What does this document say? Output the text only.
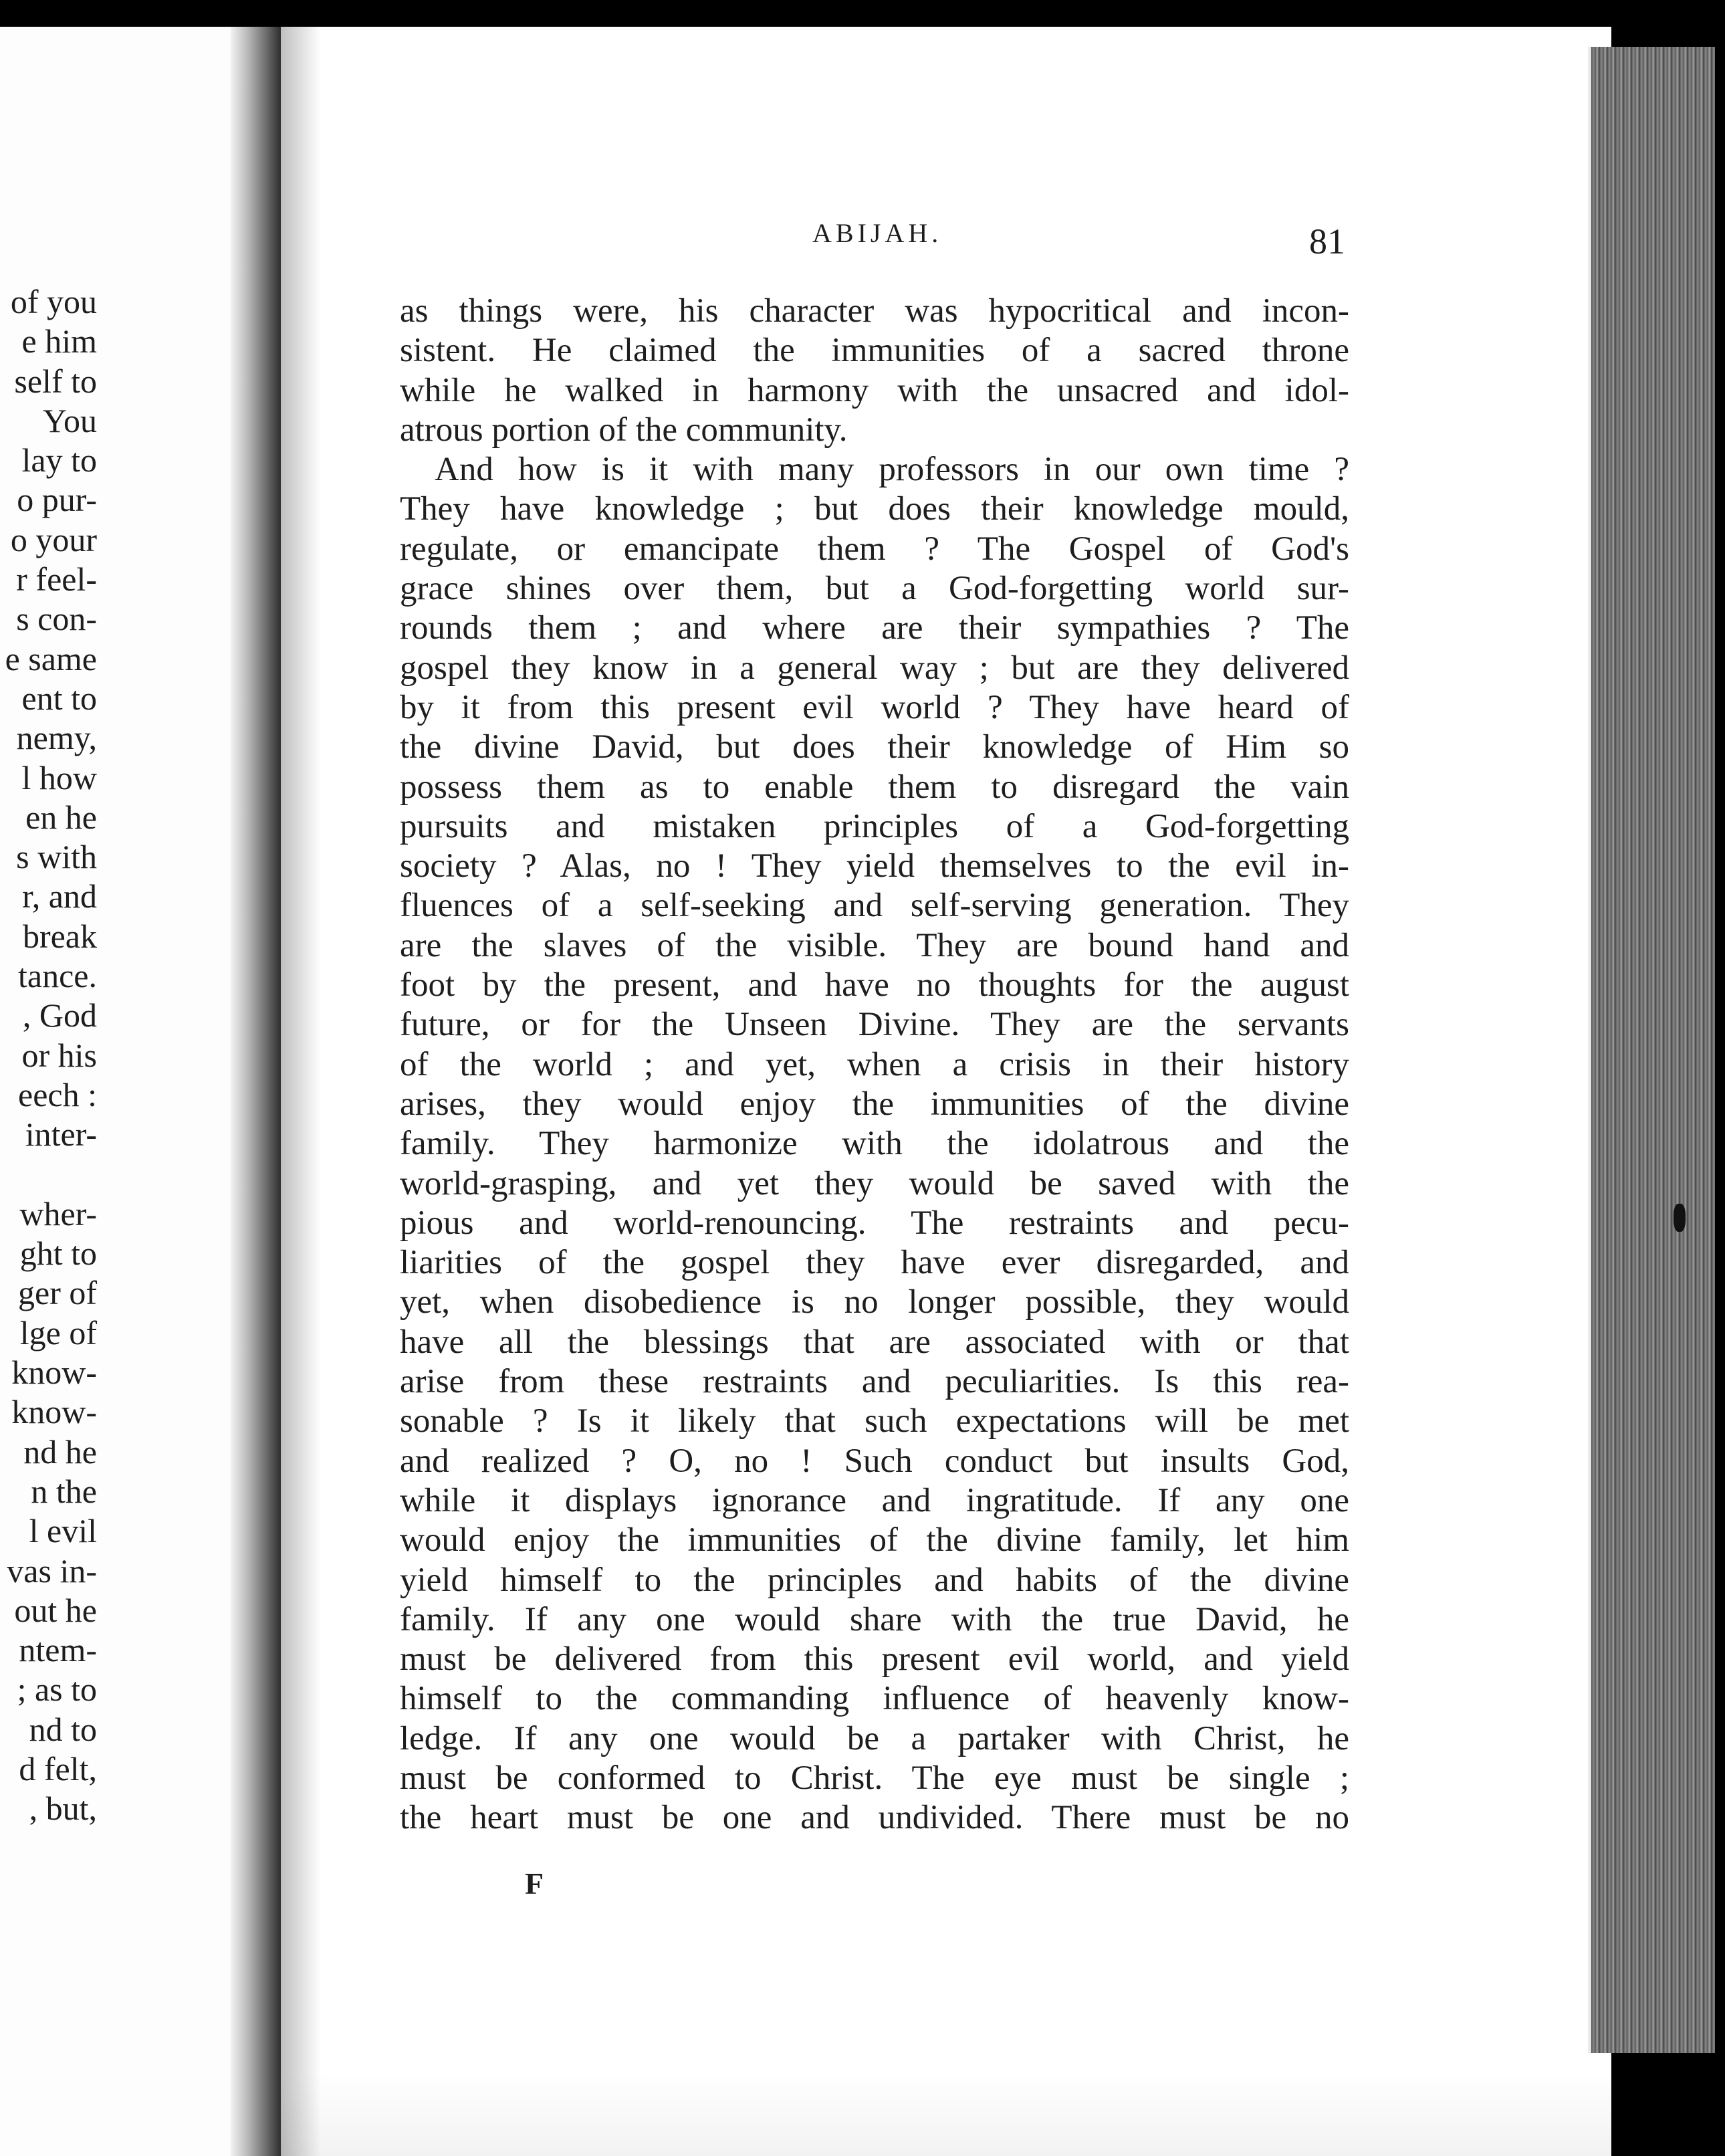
of you
e him
self to
You
lay to
o pur-
o your
r feel-
s con-
e same
ent to
nemy,
l how
en he
s with
r, and
break
tance.
, God
or his
eech :
inter-
wher-
ght to
ger of
lge of
know-
know-
nd he
n the
l evil
vas in-
out he
ntem-
; as to
nd to
d felt,
, but,
ABIJAH.	81
as things were, his character was hypocritical and incon-
sistent. He claimed the immunities of a sacred throne
while he walked in harmony with the unsacred and idol-
atrous portion of the community.
And how is it with many professors in our own time ?
They have knowledge ; but does their knowledge mould,
regulate, or emancipate them ? The Gospel of God's
grace shines over them, but a God-forgetting world sur-
rounds them ; and where are their sympathies ? The
gospel they know in a general way ; but are they delivered
by it from this present evil world ? They have heard of
the divine David, but does their knowledge of Him so
possess them as to enable them to disregard the vain
pursuits and mistaken principles of a God-forgetting
society ? Alas, no ! They yield themselves to the evil in-
fluences of a self-seeking and self-serving generation. They
are the slaves of the visible. They are bound hand and
foot by the present, and have no thoughts for the august
future, or for the Unseen Divine. They are the servants
of the world ; and yet, when a crisis in their history
arises, they would enjoy the immunities of the divine
family. They harmonize with the idolatrous and the
world-grasping, and yet they would be saved with the
pious and world-renouncing. The restraints and pecu-
liarities of the gospel they have ever disregarded, and
yet, when disobedience is no longer possible, they would
have all the blessings that are associated with or that
arise from these restraints and peculiarities. Is this rea-
sonable ? Is it likely that such expectations will be met
and realized ? O, no ! Such conduct but insults God,
while it displays ignorance and ingratitude. If any one
would enjoy the immunities of the divine family, let him
yield himself to the principles and habits of the divine
family. If any one would share with the true David, he
must be delivered from this present evil world, and yield
himself to the commanding influence of heavenly know-
ledge. If any one would be a partaker with Christ, he
must be conformed to Christ. The eye must be single ;
the heart must be one and undivided. There must be no
F
